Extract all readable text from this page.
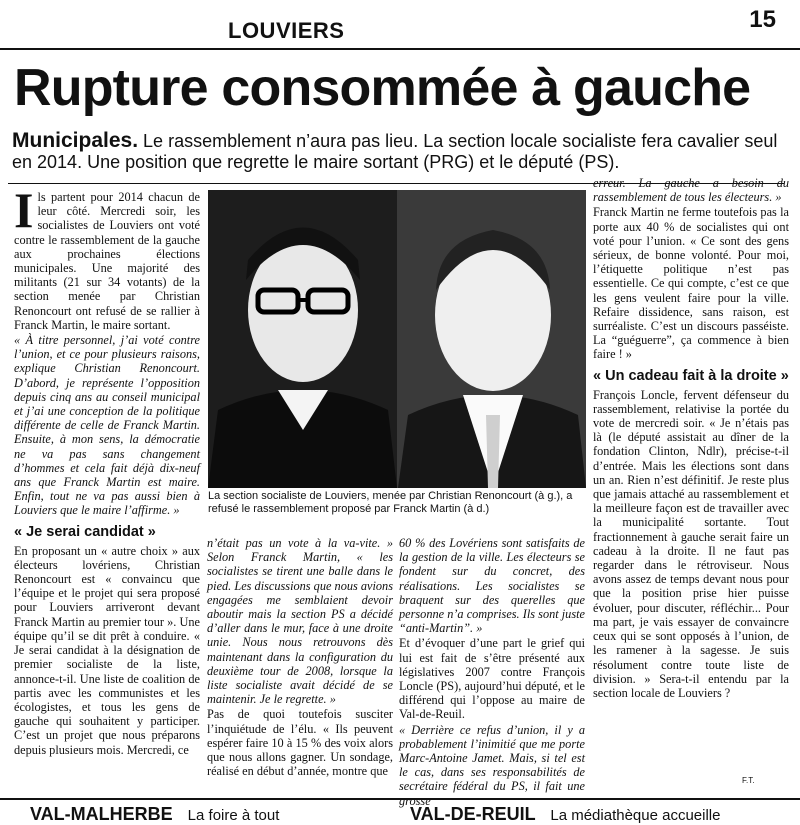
LOUVIERS	15
Rupture consommée à gauche
Municipales. Le rassemblement n’aura pas lieu. La section locale socialiste fera cavalier seul en 2014. Une position que regrette le maire sortant (PRG) et le député (PS).

I ls partent pour 2014 chacun de leur côté. Mercredi soir, les socialistes de Louviers ont voté contre le rassemblement de la gauche aux prochaines élections municipales. Une majorité des militants (21 sur 34 votants) de la section menée par Christian Renoncourt ont refusé de se rallier à Franck Martin, le maire sortant.

« À titre personnel, j’ai voté contre l’union, et ce pour plusieurs raisons, explique Christian Renoncourt. D’abord, je représente l’opposition depuis cinq ans au conseil municipal et j’ai une conception de la politique différente de celle de Franck Martin. Ensuite, à mon sens, la démocratie ne va pas sans changement d’hommes et cela fait déjà dix-neuf ans que Franck Martin est maire. Enfin, tout ne va pas aussi bien à Louviers que le maire l’affirme. »

« Je serai candidat »

En proposant un « autre choix » aux électeurs lovériens, Christian Renoncourt est « convaincu que l’équipe et le projet qui sera proposé pour Louviers arriveront devant Franck Martin au premier tour ». Une équipe qu’il se dit prêt à conduire. « Je serai candidat à la désignation de premier socialiste de la liste, annonce-t-il. Une liste de coalition de partis avec les communistes et les écologistes, et tous les gens de gauche qui souhaitent y participer. C’est un projet que nous préparons depuis plusieurs mois. Mercredi, ce

La section socialiste de Louviers, menée par Christian Renoncourt (à g.), a refusé le rassemblement proposé par Franck Martin (à d.)

n’était pas un vote à la va-vite. » Selon Franck Martin, « les socialistes se tirent une balle dans le pied. Les discussions que nous avions engagées me semblaient devoir aboutir mais la section PS a décidé d’aller dans le mur, face à une droite unie. Nous nous retrouvons dès maintenant dans la configuration du deuxième tour de 2008, lorsque la liste socialiste avait décidé de se maintenir. Je le regrette. »

Pas de quoi toutefois susciter l’inquiétude de l’élu. « Ils peuvent espérer faire 10 à 15 % des voix alors que nous allons gagner. Un sondage, réalisé en début d’année, montre que

60 % des Lovériens sont satisfaits de la gestion de la ville. Les électeurs se fondent sur du concret, des réalisations. Les socialistes se braquent sur des querelles que personne n’a comprises. Ils sont juste “anti-Martin”. »

Et d’évoquer d’une part le grief qui lui est fait de s’être présenté aux législatives 2007 contre François Loncle (PS), aujourd’hui député, et le différend qui l’oppose au maire de Val-de-Reuil.

« Derrière ce refus d’union, il y a probablement l’inimitié que me porte Marc-Antoine Jamet. Mais, si tel est le cas, dans ses responsabilités de secrétaire fédéral du PS, il fait une grosse

erreur. La gauche a besoin du rassemblement de tous les électeurs. »

Franck Martin ne ferme toutefois pas la porte aux 40 % de socialistes qui ont voté pour l’union. « Ce sont des gens sérieux, de bonne volonté. Pour moi, l’étiquette politique n’est pas essentielle. Ce qui compte, c’est ce que les gens veulent faire pour la ville. Refaire dissidence, sans raison, est surréaliste. C’est un discours passéiste. La “guéguerre”, ça commence à bien faire ! »

« Un cadeau fait à la droite »

François Loncle, fervent défenseur du rassemblement, relativise la portée du vote de mercredi soir. « Je n’étais pas là (le député assistait au dîner de la fondation Clinton, Ndlr), précise-t-il d’entrée. Mais les élections sont dans un an. Rien n’est définitif. Je reste plus que jamais attaché au rassemblement et la meilleure façon est de travailler avec la municipalité sortante. Tout fractionnement à gauche serait faire un cadeau à la droite. Il ne faut pas regarder dans le rétroviseur. Nous avons assez de temps devant nous pour que la position prise hier puisse évoluer, pour discuter, réfléchir... Pour ma part, je vais essayer de convaincre ceux qui se sont opposés à l’union, de les ramener à la sagesse. Je suis résolument contre toute liste de division. » Sera-t-il entendu par la section locale de Louviers ?

F.T.
VAL-MALHERBE La foire à tout	VAL-DE-REUIL La médiathèque accueille
